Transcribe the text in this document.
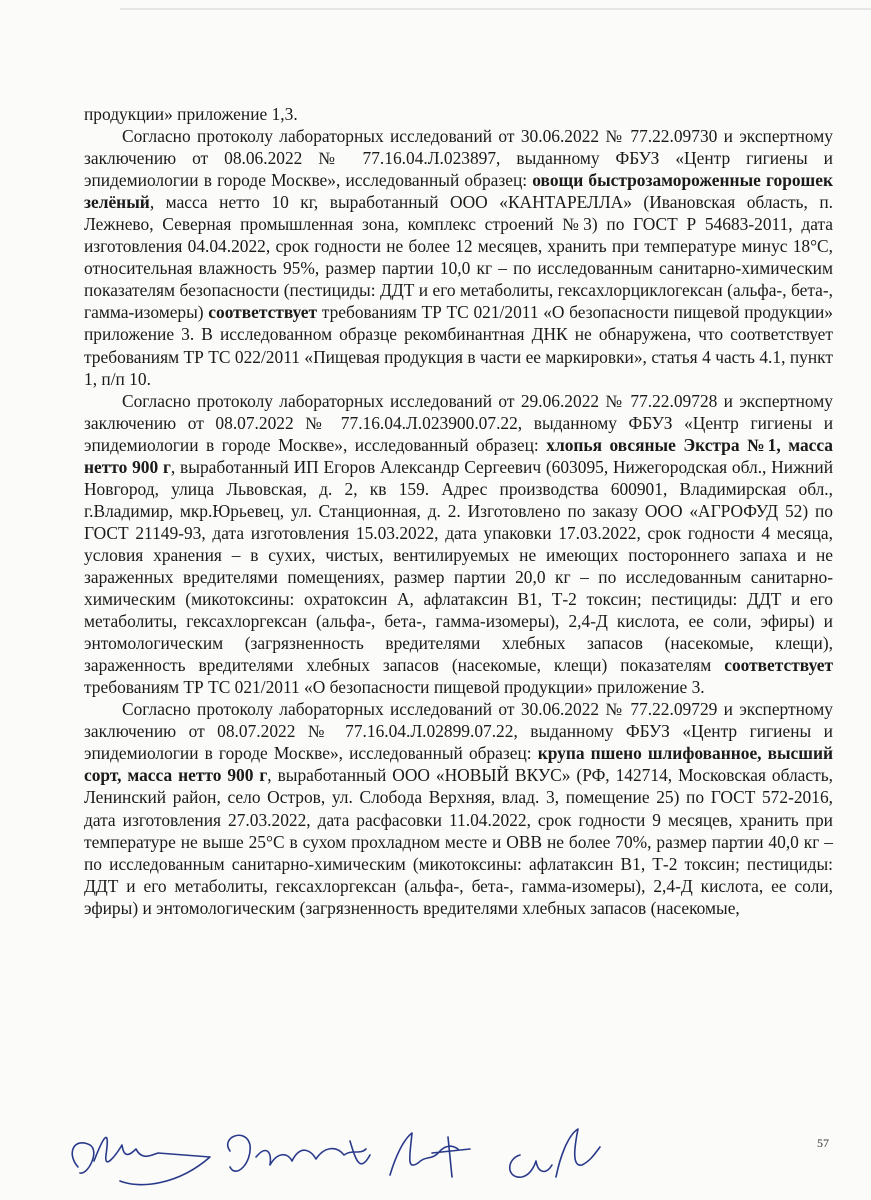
продукции» приложение 1,3.

Согласно протоколу лабораторных исследований от 30.06.2022 № 77.22.09730 и экспертному заключению от 08.06.2022 № 77.16.04.Л.023897, выданному ФБУЗ «Центр гигиены и эпидемиологии в городе Москве», исследованный образец: овощи быстрозамороженные горошек зелёный, масса нетто 10 кг, выработанный ООО «КАНТАРЕЛЛА» (Ивановская область, п. Лежнево, Северная промышленная зона, комплекс строений №3) по ГОСТ Р 54683-2011, дата изготовления 04.04.2022, срок годности не более 12 месяцев, хранить при температуре минус 18°С, относительная влажность 95%, размер партии 10,0 кг – по исследованным санитарно-химическим показателям безопасности (пестициды: ДДТ и его метаболиты, гексахлорциклогексан (альфа-, бета-, гамма-изомеры) соответствует требованиям ТР ТС 021/2011 «О безопасности пищевой продукции» приложение 3. В исследованном образце рекомбинантная ДНК не обнаружена, что соответствует требованиям ТР ТС 022/2011 «Пищевая продукция в части ее маркировки», статья 4 часть 4.1, пункт 1, п/п 10.

Согласно протоколу лабораторных исследований от 29.06.2022 № 77.22.09728 и экспертному заключению от 08.07.2022 № 77.16.04.Л.023900.07.22, выданному ФБУЗ «Центр гигиены и эпидемиологии в городе Москве», исследованный образец: хлопья овсяные Экстра №1, масса нетто 900 г, выработанный ИП Егоров Александр Сергеевич (603095, Нижегородская обл., Нижний Новгород, улица Львовская, д. 2, кв 159. Адрес производства 600901, Владимирская обл., г.Владимир, мкр.Юрьевец, ул. Станционная, д. 2. Изготовлено по заказу ООО «АГРОФУД 52) по ГОСТ 21149-93, дата изготовления 15.03.2022, дата упаковки 17.03.2022, срок годности 4 месяца, условия хранения – в сухих, чистых, вентилируемых не имеющих постороннего запаха и не зараженных вредителями помещениях, размер партии 20,0 кг – по исследованным санитарно-химическим (микотоксины: охратоксин А, афлатаксин В1, Т-2 токсин; пестициды: ДДТ и его метаболиты, гексахлоргексан (альфа-, бета-, гамма-изомеры), 2,4-Д кислота, ее соли, эфиры) и энтомологическим (загрязненность вредителями хлебных запасов (насекомые, клещи), зараженность вредителями хлебных запасов (насекомые, клещи) показателям соответствует требованиям ТР ТС 021/2011 «О безопасности пищевой продукции» приложение 3.

Согласно протоколу лабораторных исследований от 30.06.2022 № 77.22.09729 и экспертному заключению от 08.07.2022 № 77.16.04.Л.02899.07.22, выданному ФБУЗ «Центр гигиены и эпидемиологии в городе Москве», исследованный образец: крупа пшено шлифованное, высший сорт, масса нетто 900 г, выработанный ООО «НОВЫЙ ВКУС» (РФ, 142714, Московская область, Ленинский район, село Остров, ул. Слобода Верхняя, влад. 3, помещение 25) по ГОСТ 572-2016, дата изготовления 27.03.2022, дата расфасовки 11.04.2022, срок годности 9 месяцев, хранить при температуре не выше 25°С в сухом прохладном месте и ОВВ не более 70%, размер партии 40,0 кг – по исследованным санитарно-химическим (микотоксины: афлатаксин В1, Т-2 токсин; пестициды: ДДТ и его метаболиты, гексахлоргексан (альфа-, бета-, гамма-изомеры), 2,4-Д кислота, ее соли, эфиры) и энтомологическим (загрязненность вредителями хлебных запасов (насекомые,

57
